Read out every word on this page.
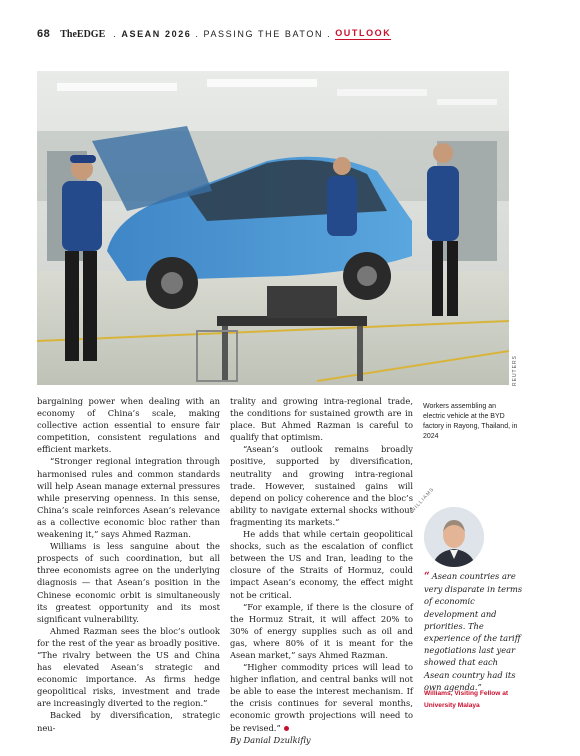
68 TheEDGE . ASEAN 2026 . PASSING THE BATON . OUTLOOK
REUTERS

bargaining power when dealing with an economy of China’s scale, making collective action essential to ensure fair competition, consistent regulations and efficient markets.

“Stronger regional integration through harmonised rules and common standards will help Asean manage external pressures while preserving openness. In this sense, China’s scale reinforces Asean’s relevance as a collective economic bloc rather than weakening it,” says Ahmed Razman.

Williams is less sanguine about the prospects of such coordination, but all three economists agree on the underlying diagnosis — that Asean’s position in the Chinese economic orbit is simultaneously its greatest opportunity and its most significant vulnerability.

Ahmed Razman sees the bloc’s outlook for the rest of the year as broadly positive. “The rivalry between the US and China has elevated Asean’s strategic and economic importance. As firms hedge geopolitical risks, investment and trade are increasingly diverted to the region.”

Backed by diversification, strategic neu-

trality and growing intra-regional trade, the conditions for sustained growth are in place. But Ahmed Razman is careful to qualify that optimism.

“Asean’s outlook remains broadly positive, supported by diversification, neutrality and growing intra-regional trade. However, sustained gains will depend on policy coherence and the bloc’s ability to navigate external shocks without fragmenting its markets.”

He adds that while certain geopolitical shocks, such as the escalation of conflict between the US and Iran, leading to the closure of the Straits of Hormuz, could impact Asean’s economy, the effect might not be critical.

“For example, if there is the closure of the Hormuz Strait, it will affect 20% to 30% of energy supplies such as oil and gas, where 80% of it is meant for the Asean market,” says Ahmed Razman.

“Higher commodity prices will lead to higher inflation, and central banks will not be able to ease the interest mechanism. If the crisis continues for several months, economic growth projections will need to be revised.”

By Danial Dzulkifly

Workers assembling an electric vehicle at the BYD factory in Rayong, Thailand, in 2024
WILLIAMS
“ Asean countries are very disparate in terms of economic development and priorities. The experience of the tariff negotiations last year showed that each Asean country had its own agenda.”
Williams, Visiting Fellow at University Malaya
